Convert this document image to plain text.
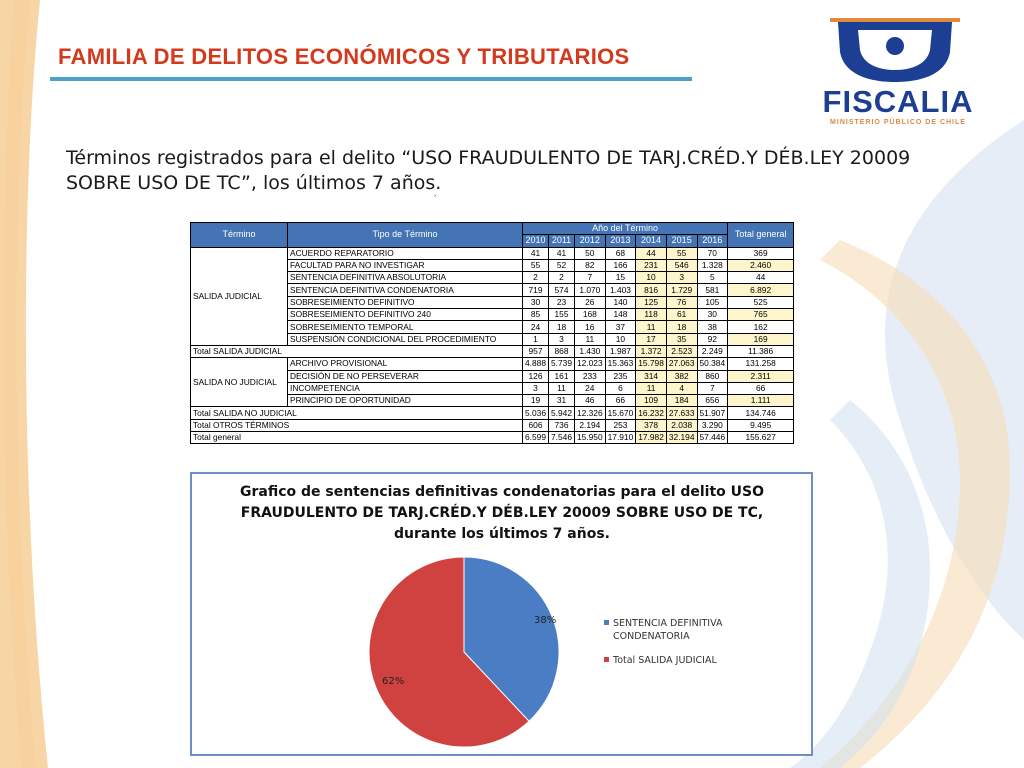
FAMILIA DE DELITOS ECONÓMICOS Y TRIBUTARIOS
FISCALIA
MINISTERIO PÚBLICO DE CHILE
Términos registrados para el delito “USO FRAUDULENTO DE TARJ.CRÉD.Y DÉB.LEY 20009 SOBRE USO DE TC”, los últimos 7 años.
´
Término	Tipo de Término	Año del Término							Total general
		2010	2011	2012	2013	2014	2015	2016	
SALIDA JUDICIAL	ACUERDO REPARATORIO	41	41	50	68	44	55	70	369
	FACULTAD PARA NO INVESTIGAR	55	52	82	166	231	546	1.328	2.460
	SENTENCIA DEFINITIVA ABSOLUTORIA	2	2	7	15	10	3	5	44
	SENTENCIA DEFINITIVA CONDENATORIA	719	574	1.070	1.403	816	1.729	581	6.892
	SOBRESEIMIENTO DEFINITIVO	30	23	26	140	125	76	105	525
	SOBRESEIMIENTO DEFINITIVO 240	85	155	168	148	118	61	30	765
	SOBRESEIMIENTO TEMPORAL	24	18	16	37	11	18	38	162
	SUSPENSIÓN CONDICIONAL DEL PROCEDIMIENTO	1	3	11	10	17	35	92	169
Total SALIDA JUDICIAL		957	868	1.430	1.987	1.372	2.523	2.249	11.386
SALIDA NO JUDICIAL	ARCHIVO PROVISIONAL	4.888	5.739	12.023	15.363	15.798	27.063	50.384	131.258
	DECISIÓN DE NO PERSEVERAR	126	161	233	235	314	382	860	2.311
	INCOMPETENCIA	3	11	24	6	11	4	7	66
	PRINCIPIO DE OPORTUNIDAD	19	31	46	66	109	184	656	1.111
Total SALIDA NO JUDICIAL		5.036	5.942	12.326	15.670	16.232	27.633	51.907	134.746
Total OTROS TÉRMINOS		606	736	2.194	253	378	2.038	3.290	9.495
Total general		6.599	7.546	15.950	17.910	17.982	32.194	57.446	155.627
Grafico de sentencias definitivas condenatorias para el delito USO
FRAUDULENTO DE TARJ.CRÉD.Y DÉB.LEY 20009 SOBRE USO DE TC,
durante los últimos 7 años.
38%
62%
SENTENCIA DEFINITIVA
CONDENATORIA
Total SALIDA JUDICIAL
